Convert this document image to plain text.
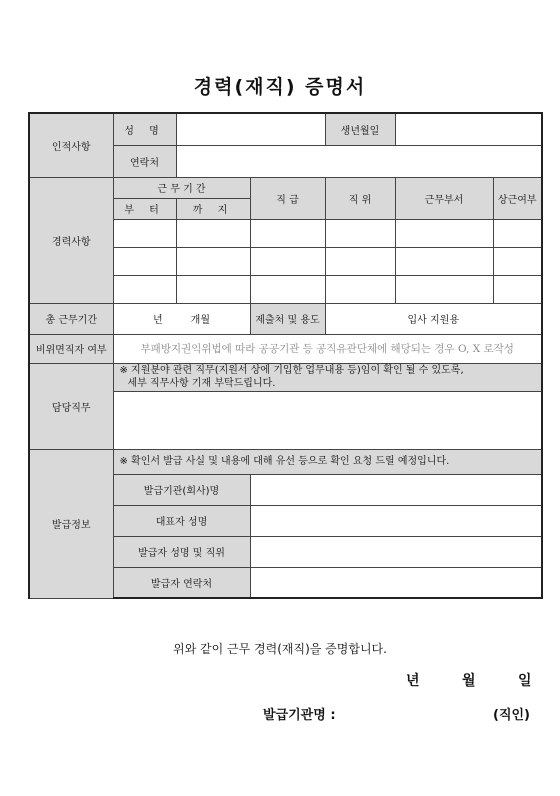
경력(재직) 증명서
인적사항	성 명			생년월일		
	연락처					
경력사항	근 무 기 간		직 급	직 위	근무부서	상근여부
	부 터	까 지				

총 근무기간	년 개월		제출처 및 용도	입사 지원용		
비위면직자 여부	부패방지권익위법에 따라 공공기관 등 공직유관단체에 해당되는 경우 O, X 로작성					
담당직무	※ 지원분야 관련 직무(지원서 상에 기입한 업무내용 등)임이 확인 될 수 있도록,
세부 직무사항 기재 부탁드립니다.					

발급정보	※ 확인서 발급 사실 및 내용에 대해 유선 등으로 확인 요청 드릴 예정입니다.					
	발급기관(회사)명					
	대표자 성명					
	발급자 성명 및 직위					
	발급자 연락처					
위와 같이 근무 경력(재직)을 증명합니다.
년	월	일
발급기관명 :	(직인)
